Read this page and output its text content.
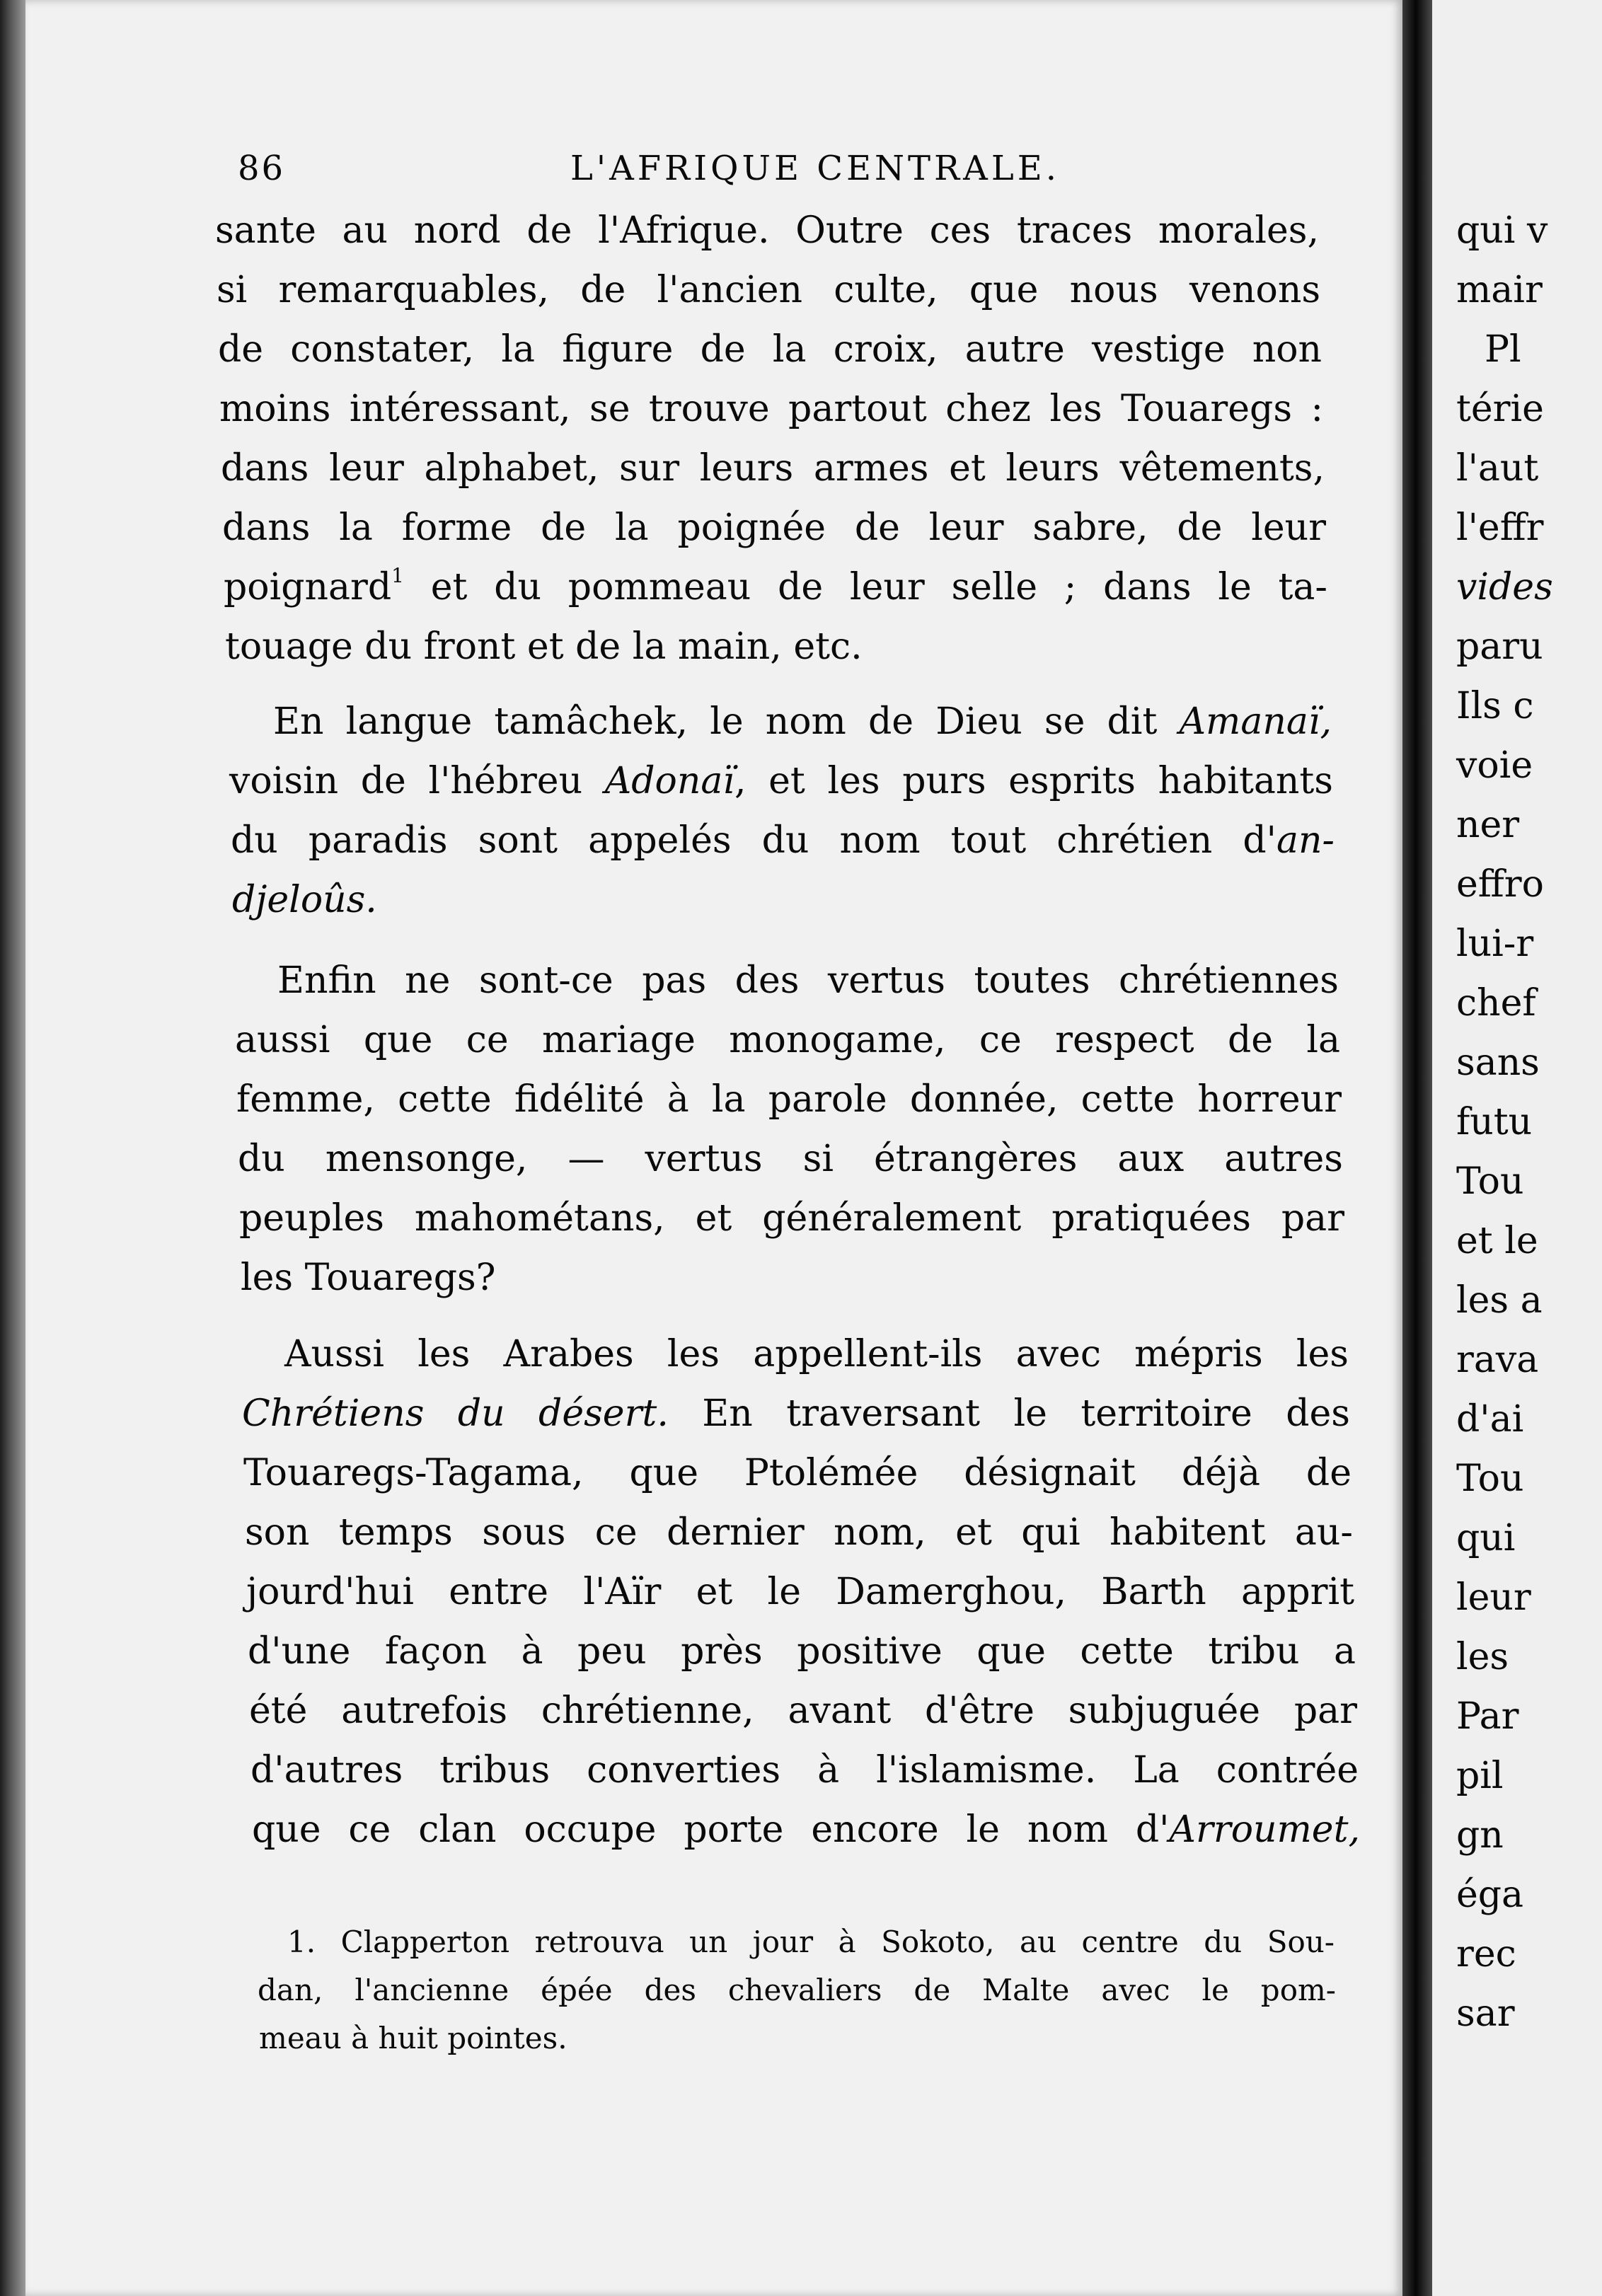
86	L'AFRIQUE CENTRALE.
sante au nord de l'Afrique. Outre ces traces morales,
si remarquables, de l'ancien culte, que nous venons
de constater, la figure de la croix, autre vestige non
moins intéressant, se trouve partout chez les Touaregs :
dans leur alphabet, sur leurs armes et leurs vêtements,
dans la forme de la poignée de leur sabre, de leur
poignard$^1$ et du pommeau de leur selle ; dans le ta-
touage du front et de la main, etc.
En langue tamâchek, le nom de Dieu se dit Amanaï,
voisin de l'hébreu Adonaï, et les purs esprits habitants
du paradis sont appelés du nom tout chrétien d'an-
djeloûs.
Enfin ne sont-ce pas des vertus toutes chrétiennes
aussi que ce mariage monogame, ce respect de la
femme, cette fidélité à la parole donnée, cette horreur
du mensonge, — vertus si étrangères aux autres
peuples mahométans, et généralement pratiquées par
les Touaregs?
Aussi les Arabes les appellent-ils avec mépris les
Chrétiens du désert. En traversant le territoire des
Touaregs-Tagama, que Ptolémée désignait déjà de
son temps sous ce dernier nom, et qui habitent au-
jourd'hui entre l'Aïr et le Damerghou, Barth apprit
d'une façon à peu près positive que cette tribu a
été autrefois chrétienne, avant d'être subjuguée par
d'autres tribus converties à l'islamisme. La contrée
que ce clan occupe porte encore le nom d'Arroumet,
1. Clapperton retrouva un jour à Sokoto, au centre du Sou-
dan, l'ancienne épée des chevaliers de Malte avec le pom-
meau à huit pointes.
qui v
mair
Pl
térie
l'aut
l'effr
vides
paru
Ils c
voie
ner
effro
lui-r
chef
sans
futu
Tou
et le
les a
rava
d'ai
Tou
qui
leur
les
Par
pil
gn
éga
rec
sar
